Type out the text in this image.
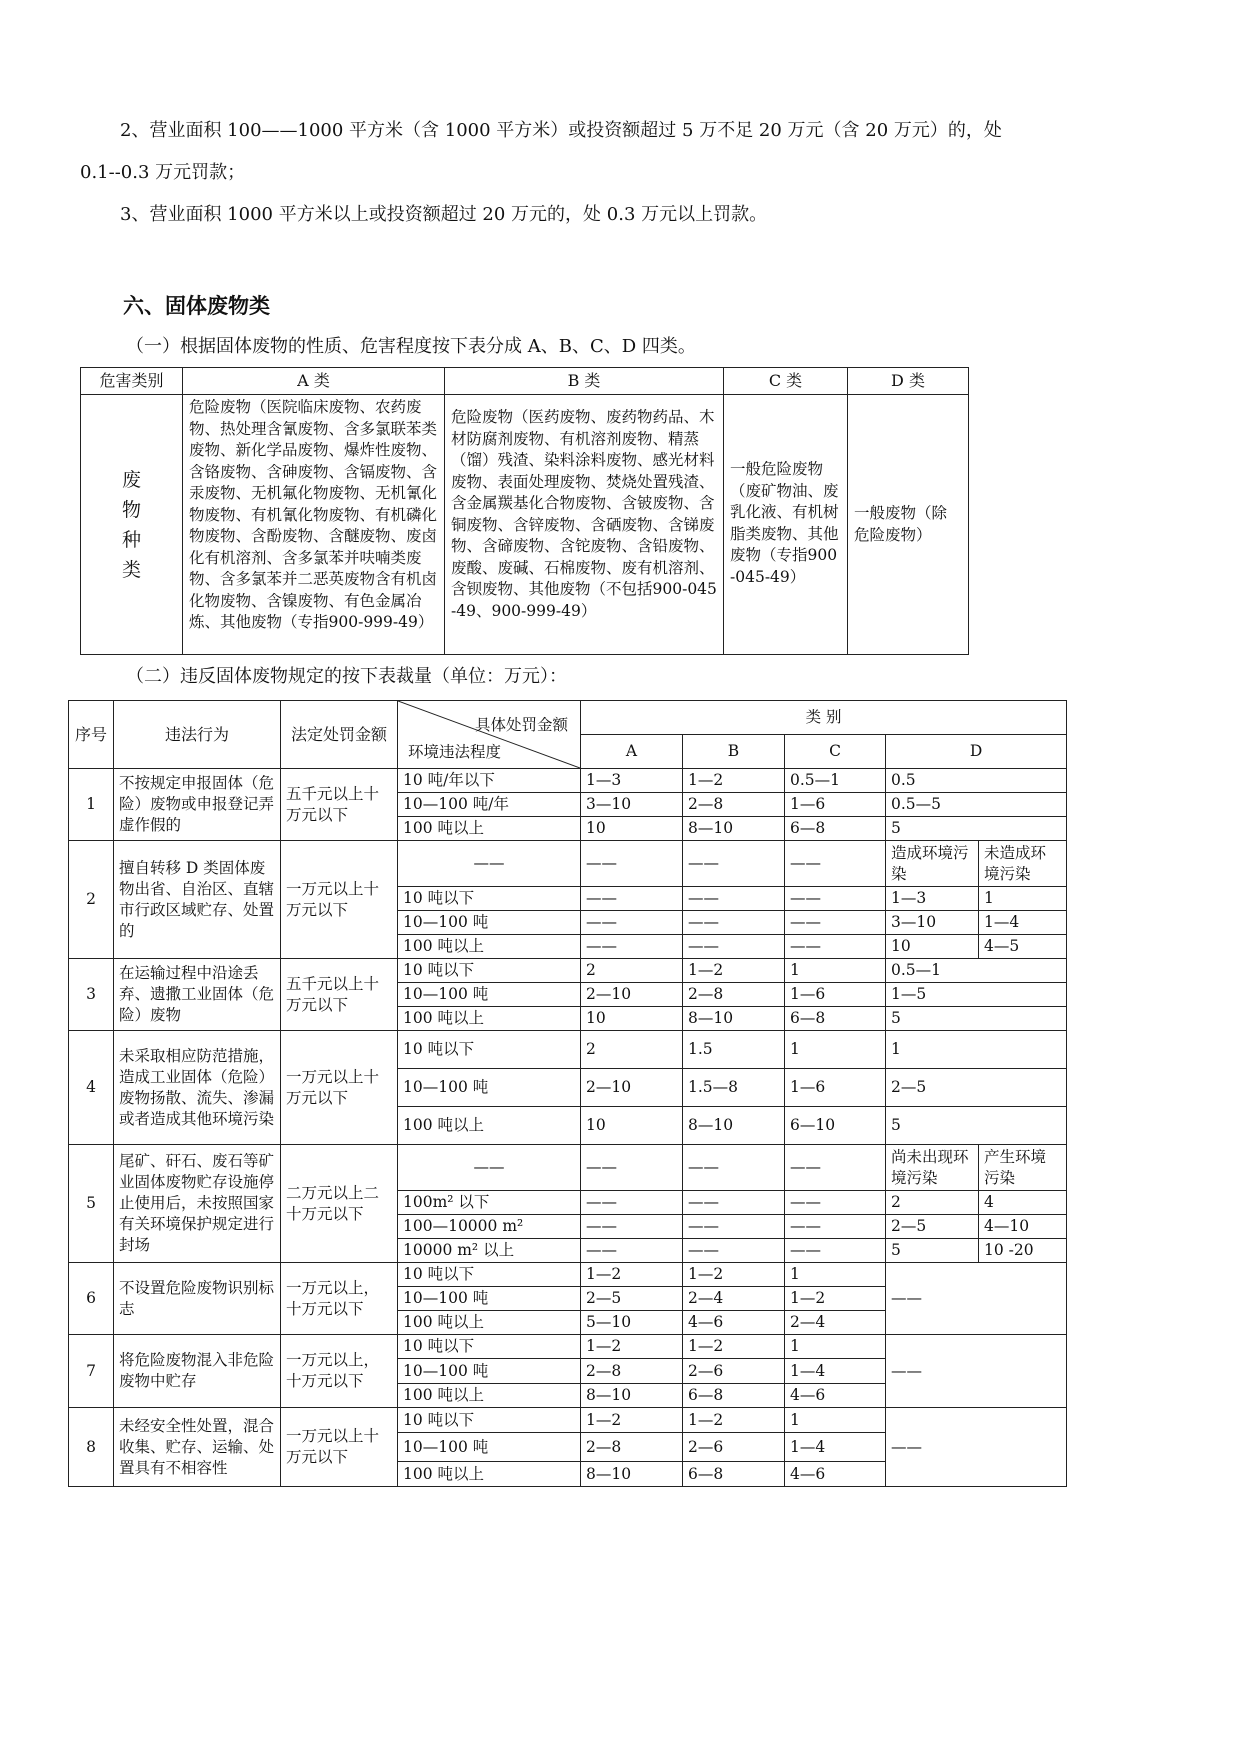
2、营业面积 100——1000 平方米（含 1000 平方米）或投资额超过 5 万不足 20 万元（含 20 万元）的，处
0.1--0.3 万元罚款；
3、营业面积 1000 平方米以上或投资额超过 20 万元的，处 0.3 万元以上罚款。
六、固体废物类
（一）根据固体废物的性质、危害程度按下表分成 A、B、C、D 四类。
危害类别	A 类	B 类	C 类	D 类
废物种类	危险废物（医院临床废物、农药废物、热处理含氰废物、含多氯联苯类废物、新化学品废物、爆炸性废物、含铬废物、含砷废物、含镉废物、含汞废物、无机氟化物废物、无机氰化物废物、有机氰化物废物、有机磷化物废物、含酚废物、含醚废物、废卤化有机溶剂、含多氯苯并呋喃类废物、含多氯苯并二恶英废物含有机卤化物废物、含镍废物、有色金属冶炼、其他废物（专指900-999-49）	危险废物（医药废物、废药物药品、木材防腐剂废物、有机溶剂废物、精蒸（馏）残渣、染料涂料废物、感光材料废物、表面处理废物、焚烧处置残渣、含金属羰基化合物废物、含铍废物、含铜废物、含锌废物、含硒废物、含锑废物、含碲废物、含铊废物、含铅废物、废酸、废碱、石棉废物、废有机溶剂、含钡废物、其他废物（不包括900-045-49、900-999-49）	一般危险废物（废矿物油、废乳化液、有机树脂类废物、其他废物（专指900-045-49）	一般废物（除危险废物）
（二）违反固体废物规定的按下表裁量（单位：万元）：
序号	违法行为	法定处罚金额	具体处罚金额
环境违法程度	类 别				
				A	B	C	D	
1	不按规定申报固体（危险）废物或申报登记弄虚作假的	五千元以上十万元以下	10 吨/年以下	1—3	1—2	0.5—1	0.5	
			10—100 吨/年	3—10	2—8	1—6	0.5—5	
			100 吨以上	10	8—10	6—8	5	
2	擅自转移 D 类固体废物出省、自治区、直辖市行政区域贮存、处置的	一万元以上十万元以下	——	——	——	——	造成环境污染	未造成环境污染
			10 吨以下	——	——	——	1—3	1
			10—100 吨	——	——	——	3—10	1—4
			100 吨以上	——	——	——	10	4—5
3	在运输过程中沿途丢弃、遗撒工业固体（危险）废物	五千元以上十万元以下	10 吨以下	2	1—2	1	0.5—1	
			10—100 吨	2—10	2—8	1—6	1—5	
			100 吨以上	10	8—10	6—8	5	
4	未采取相应防范措施，造成工业固体（危险）废物扬散、流失、渗漏或者造成其他环境污染	一万元以上十万元以下	10 吨以下	2	1.5	1	1	
			10—100 吨	2—10	1.5—8	1—6	2—5	
			100 吨以上	10	8—10	6—10	5	
5	尾矿、矸石、废石等矿业固体废物贮存设施停止使用后，未按照国家有关环境保护规定进行封场	二万元以上二十万元以下	——	——	——	——	尚未出现环境污染	产生环境污染
			100m² 以下	——	——	——	2	4
			100—10000 m²	——	——	——	2—5	4—10
			10000 m² 以上	——	——	——	5	10 -20
6	不设置危险废物识别标志	一万元以上，十万元以下	10 吨以下	1—2	1—2	1	——	
			10—100 吨	2—5	2—4	1—2		
			100 吨以上	5—10	4—6	2—4		
7	将危险废物混入非危险废物中贮存	一万元以上，十万元以下	10 吨以下	1—2	1—2	1	——	
			10—100 吨	2—8	2—6	1—4		
			100 吨以上	8—10	6—8	4—6		
8	未经安全性处置，混合收集、贮存、运输、处置具有不相容性	一万元以上十万元以下	10 吨以下	1—2	1—2	1	——	
			10—100 吨	2—8	2—6	1—4		
			100 吨以上	8—10	6—8	4—6		
